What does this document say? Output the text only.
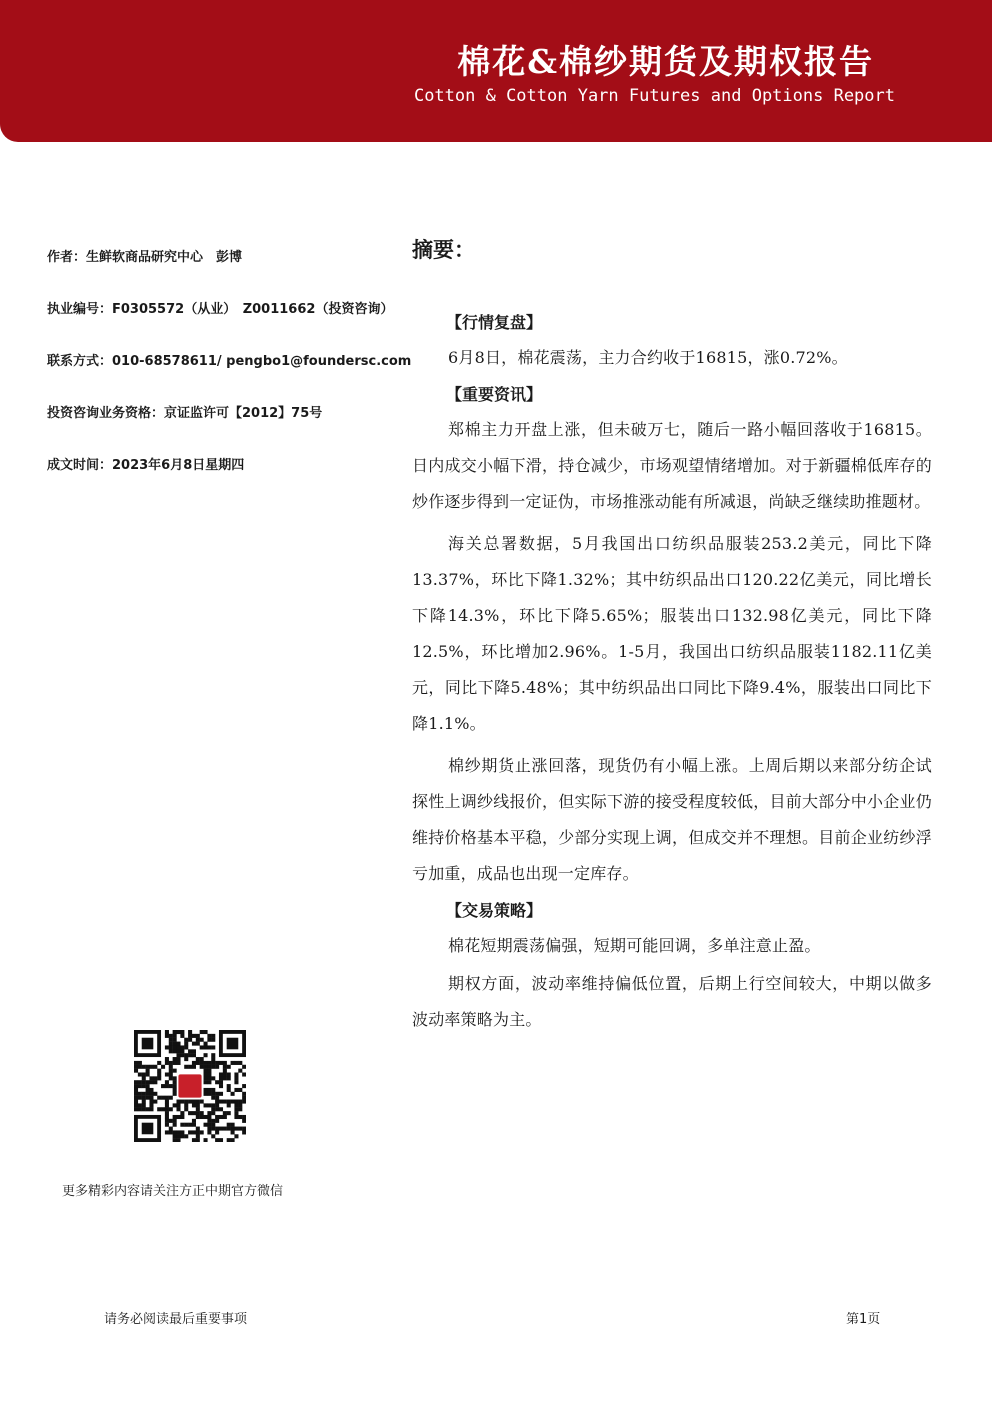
棉花&棉纱期货及期权报告
Cotton & Cotton Yarn Futures and Options Report
作者：生鲜软商品研究中心　彭博
执业编号：F0305572（从业）　Z0011662（投资咨询）
联系方式：010-68578611/ pengbo1@foundersc.com
投资咨询业务资格：京证监许可【2012】75号
成文时间：2023年6月8日星期四
更多精彩内容请关注方正中期官方微信
摘要：
【行情复盘】

6月8日，棉花震荡，主力合约收于16815，涨0.72%。

【重要资讯】

郑棉主力开盘上涨，但未破万七，随后一路小幅回落收于16815。日内成交小幅下滑，持仓减少，市场观望情绪增加。对于新疆棉低库存的炒作逐步得到一定证伪，市场推涨动能有所减退，尚缺乏继续助推题材。

海关总署数据，5月我国出口纺织品服装253.2美元，同比下降13.37%，环比下降1.32%；其中纺织品出口120.22亿美元，同比增长下降14.3%，环比下降5.65%；服装出口132.98亿美元，同比下降12.5%，环比增加2.96%。1-5月，我国出口纺织品服装1182.11亿美元，同比下降5.48%；其中纺织品出口同比下降9.4%，服装出口同比下降1.1%。

棉纱期货止涨回落，现货仍有小幅上涨。上周后期以来部分纺企试探性上调纱线报价，但实际下游的接受程度较低，目前大部分中小企业仍维持价格基本平稳，少部分实现上调，但成交并不理想。目前企业纺纱浮亏加重，成品也出现一定库存。

【交易策略】

棉花短期震荡偏强，短期可能回调，多单注意止盈。

期权方面，波动率维持偏低位置，后期上行空间较大，中期以做多波动率策略为主。

请务必阅读最后重要事项	第1页
